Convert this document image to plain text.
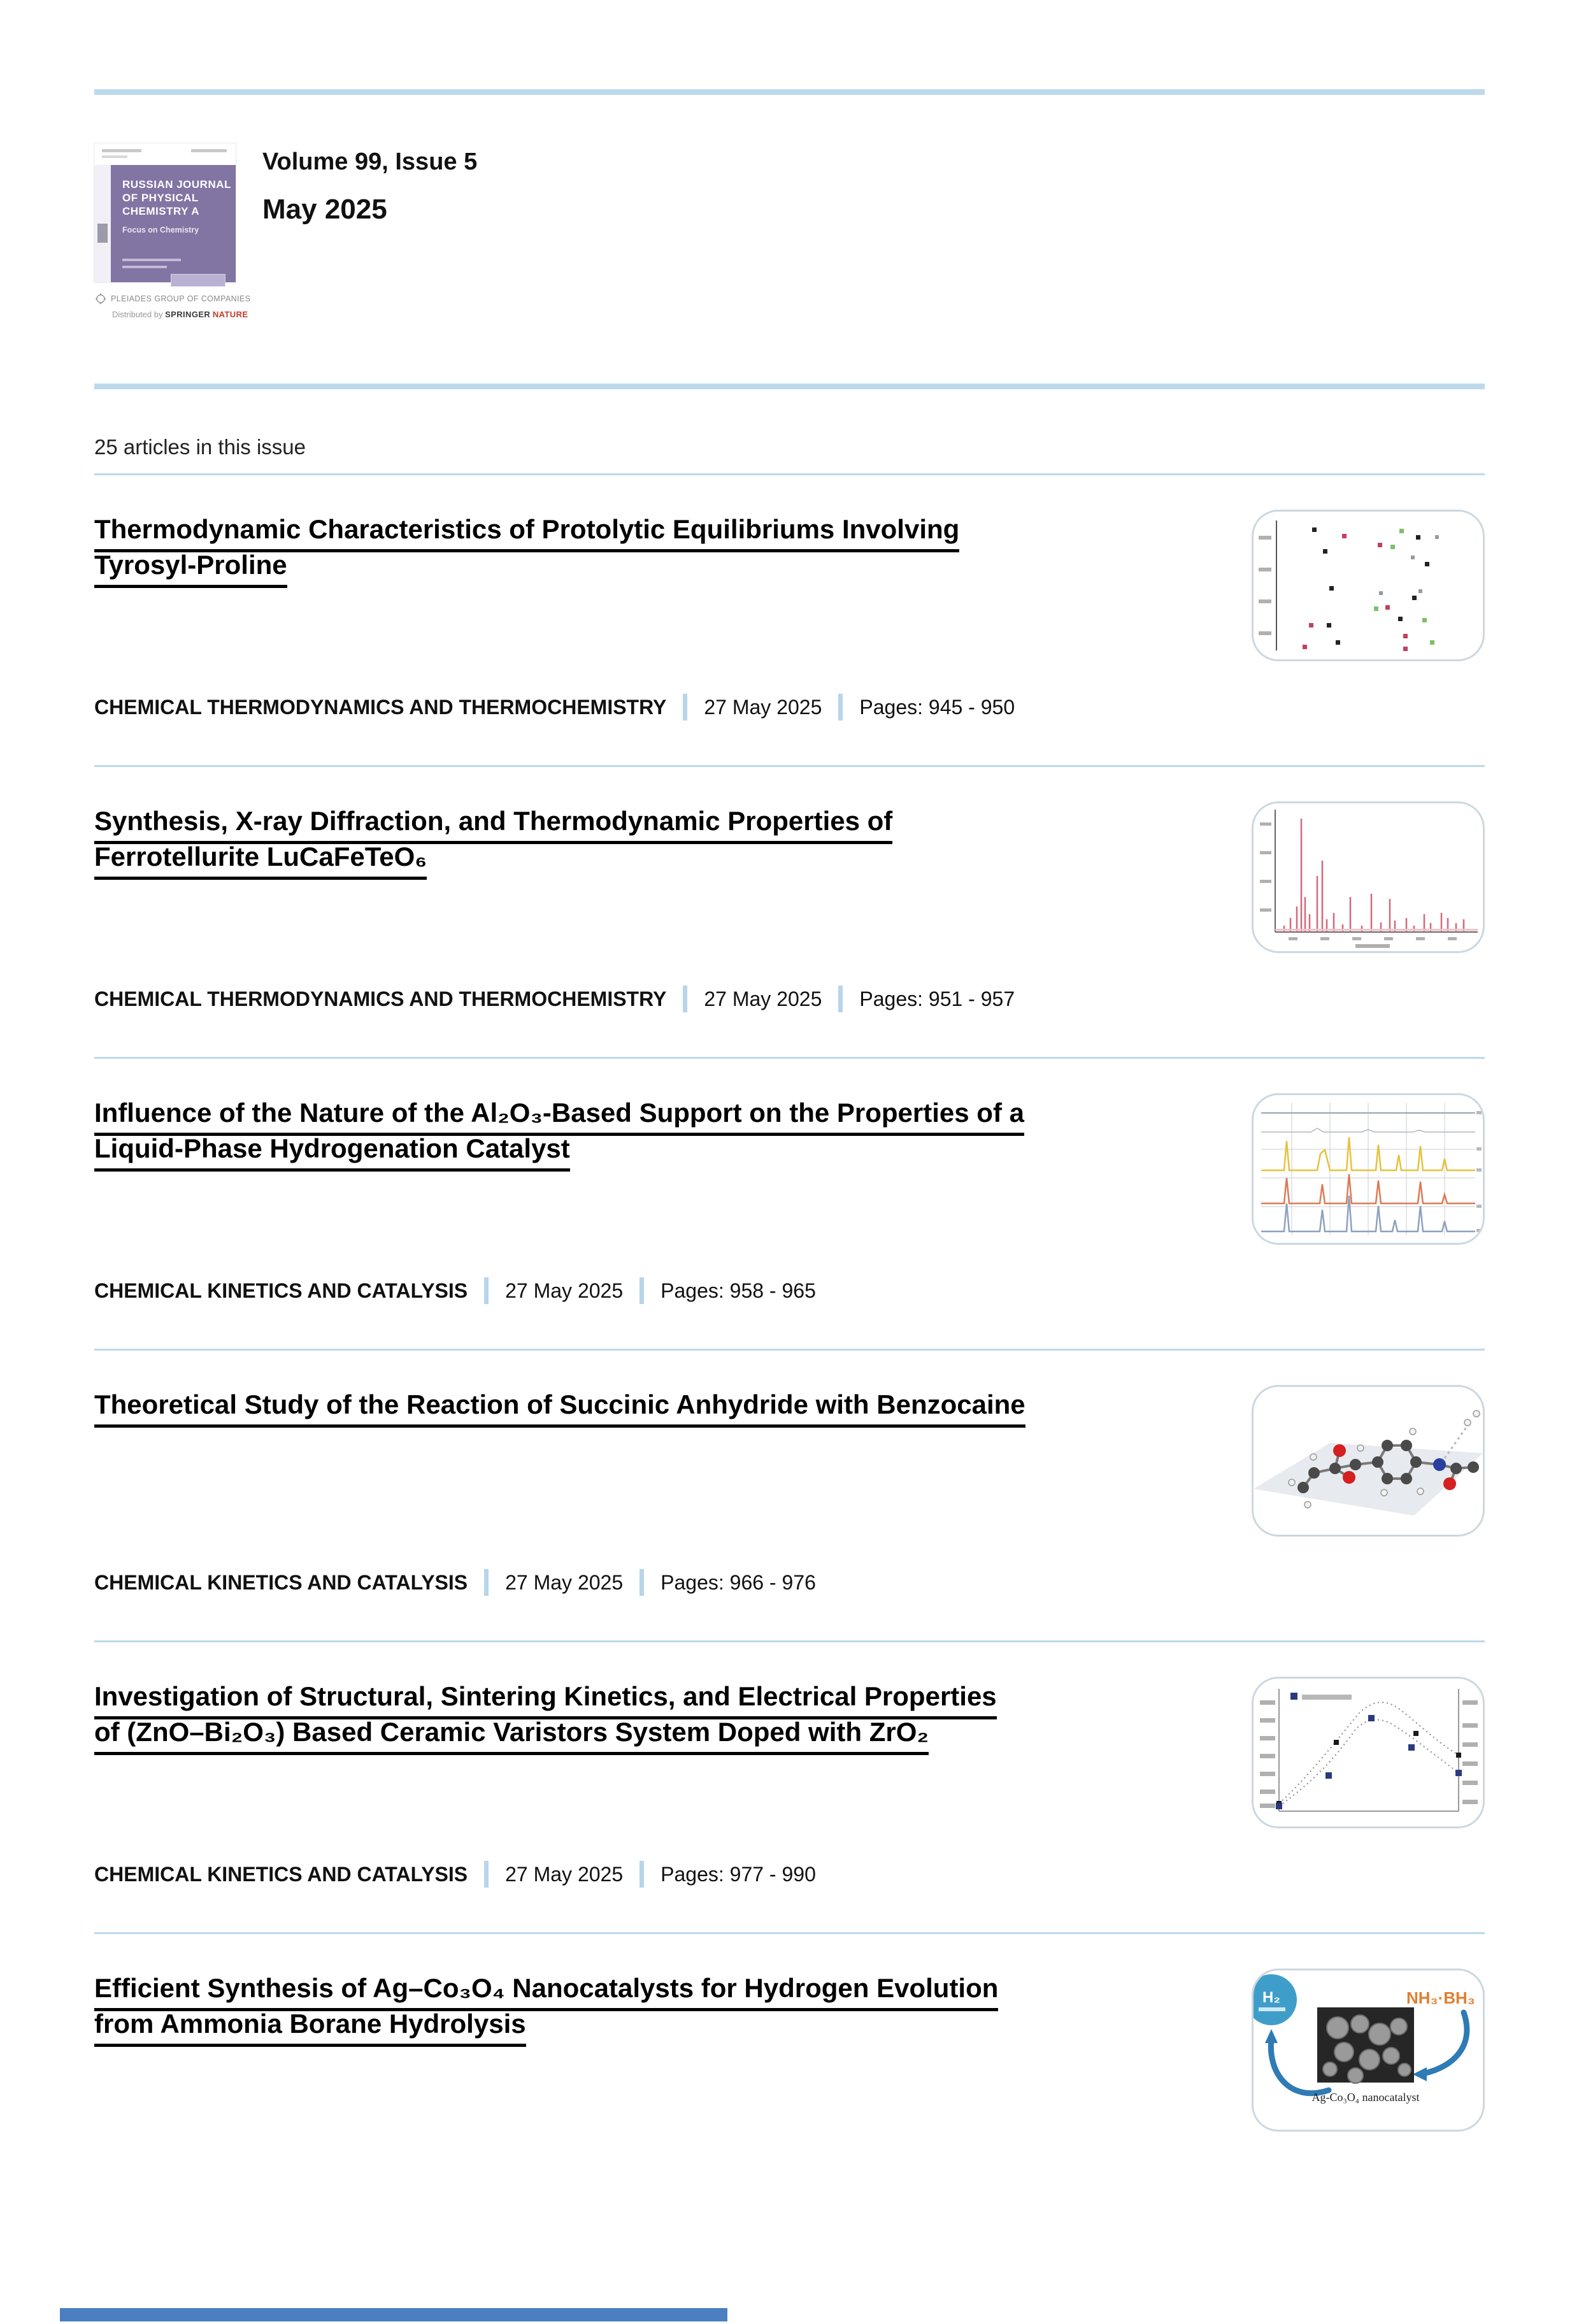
RUSSIAN JOURNAL
OF PHYSICAL
CHEMISTRY A
Focus on Chemistry
PLEIADES GROUP OF COMPANIES
Distributed by SPRINGER NATURE
Volume 99, Issue 5
May 2025
25 articles in this issue
Thermodynamic Characteristics of Protolytic Equilibriums Involving
Tyrosyl-Proline
CHEMICAL THERMODYNAMICS AND THERMOCHEMISTRY 27 May 2025 Pages: 945 - 950
Synthesis, X-ray Diffraction, and Thermodynamic Properties of
Ferrotellurite LuCaFeTeO₆
CHEMICAL THERMODYNAMICS AND THERMOCHEMISTRY 27 May 2025 Pages: 951 - 957
Influence of the Nature of the Al₂O₃-Based Support on the Properties of a
Liquid-Phase Hydrogenation Catalyst
CHEMICAL KINETICS AND CATALYSIS 27 May 2025 Pages: 958 - 965
Theoretical Study of the Reaction of Succinic Anhydride with Benzocaine
CHEMICAL KINETICS AND CATALYSIS 27 May 2025 Pages: 966 - 976
Investigation of Structural, Sintering Kinetics, and Electrical Properties
of (ZnO–Bi₂O₃) Based Ceramic Varistors System Doped with ZrO₂
CHEMICAL KINETICS AND CATALYSIS 27 May 2025 Pages: 977 - 990
Efficient Synthesis of Ag–Co₃O₄ Nanocatalysts for Hydrogen Evolution
from Ammonia Borane Hydrolysis
H₂	NH₃·BH₃
Ag-Co₃O₄ nanocatalyst
